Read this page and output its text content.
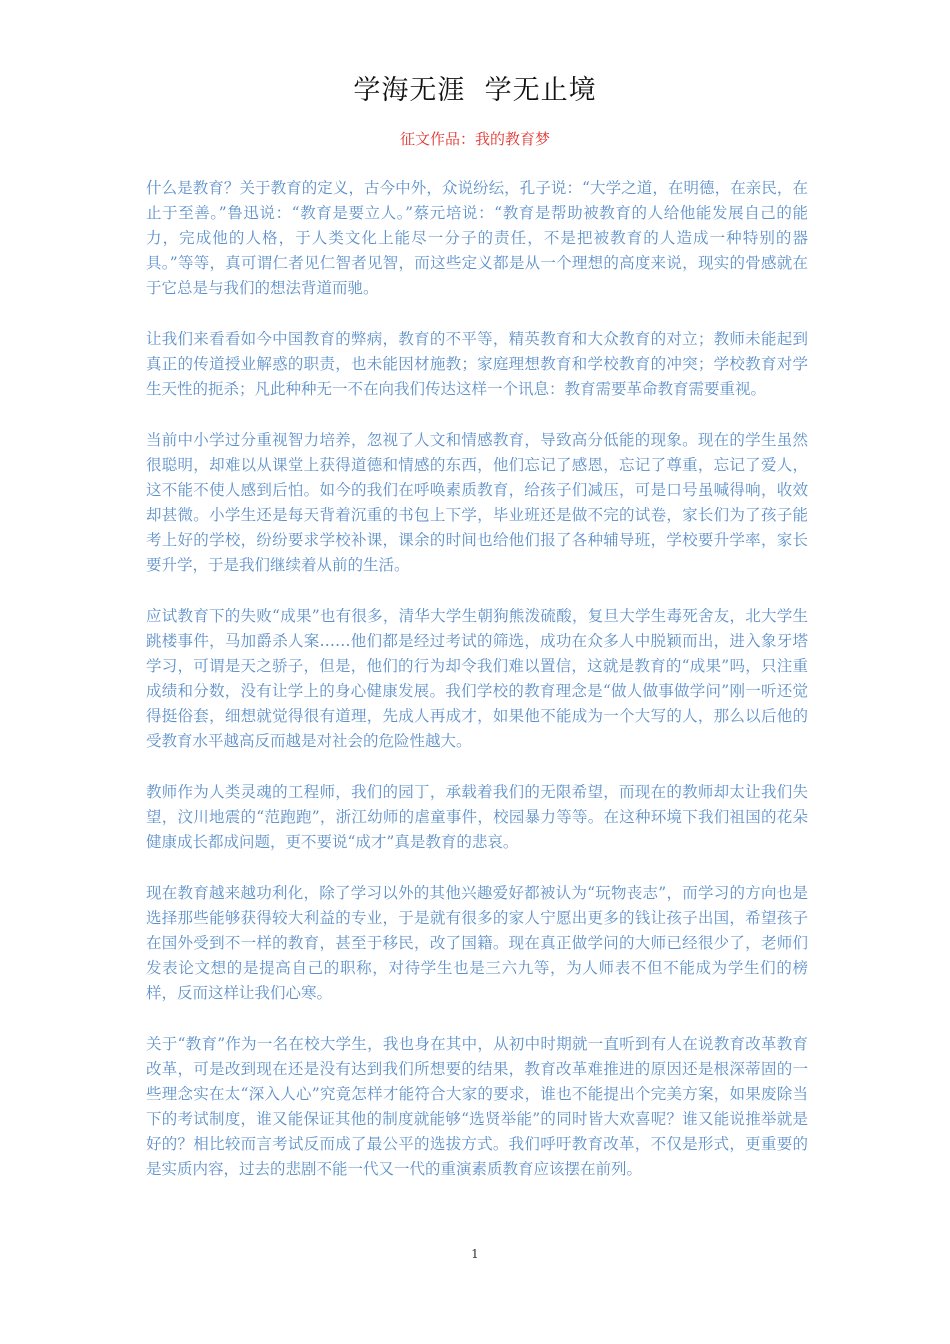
学海无涯  学无止境

征文作品：我的教育梦

什么是教育？关于教育的定义，古今中外，众说纷纭，孔子说：“大学之道，在明德，在亲民，在止于至善。”鲁迅说：“教育是要立人。”蔡元培说：“教育是帮助被教育的人给他能发展自己的能力，完成他的人格，于人类文化上能尽一分子的责任，不是把被教育的人造成一种特别的器具。”等等，真可谓仁者见仁智者见智，而这些定义都是从一个理想的高度来说，现实的骨感就在于它总是与我们的想法背道而驰。

让我们来看看如今中国教育的弊病，教育的不平等，精英教育和大众教育的对立；教师未能起到真正的传道授业解惑的职责，也未能因材施教；家庭理想教育和学校教育的冲突；学校教育对学生天性的扼杀；凡此种种无一不在向我们传达这样一个讯息：教育需要革命教育需要重视。

当前中小学过分重视智力培养，忽视了人文和情感教育，导致高分低能的现象。现在的学生虽然很聪明，却难以从课堂上获得道德和情感的东西，他们忘记了感恩，忘记了尊重，忘记了爱人，这不能不使人感到后怕。如今的我们在呼唤素质教育，给孩子们减压，可是口号虽喊得响，收效却甚微。小学生还是每天背着沉重的书包上下学，毕业班还是做不完的试卷，家长们为了孩子能考上好的学校，纷纷要求学校补课，课余的时间也给他们报了各种辅导班，学校要升学率，家长要升学，于是我们继续着从前的生活。

应试教育下的失败“成果”也有很多，清华大学生朝狗熊泼硫酸，复旦大学生毒死舍友，北大学生跳楼事件，马加爵杀人案……他们都是经过考试的筛选，成功在众多人中脱颖而出，进入象牙塔学习，可谓是天之骄子，但是，他们的行为却令我们难以置信，这就是教育的“成果”吗，只注重成绩和分数，没有让学上的身心健康发展。我们学校的教育理念是“做人做事做学问”刚一听还觉得挺俗套，细想就觉得很有道理，先成人再成才，如果他不能成为一个大写的人，那么以后他的受教育水平越高反而越是对社会的危险性越大。

教师作为人类灵魂的工程师，我们的园丁，承载着我们的无限希望，而现在的教师却太让我们失望，汶川地震的“范跑跑”，浙江幼师的虐童事件，校园暴力等等。在这种环境下我们祖国的花朵健康成长都成问题，更不要说“成才”真是教育的悲哀。

现在教育越来越功利化，除了学习以外的其他兴趣爱好都被认为“玩物丧志”，而学习的方向也是选择那些能够获得较大利益的专业，于是就有很多的家人宁愿出更多的钱让孩子出国，希望孩子在国外受到不一样的教育，甚至于移民，改了国籍。现在真正做学问的大师已经很少了，老师们发表论文想的是提高自己的职称，对待学生也是三六九等，为人师表不但不能成为学生们的榜样，反而这样让我们心寒。

关于“教育”作为一名在校大学生，我也身在其中，从初中时期就一直听到有人在说教育改革教育改革，可是改到现在还是没有达到我们所想要的结果，教育改革难推进的原因还是根深蒂固的一些理念实在太“深入人心”究竟怎样才能符合大家的要求，谁也不能提出个完美方案，如果废除当下的考试制度，谁又能保证其他的制度就能够“选贤举能”的同时皆大欢喜呢？谁又能说推举就是好的？相比较而言考试反而成了最公平的选拔方式。我们呼吁教育改革，不仅是形式，更重要的是实质内容，过去的悲剧不能一代又一代的重演素质教育应该摆在前列。

1
